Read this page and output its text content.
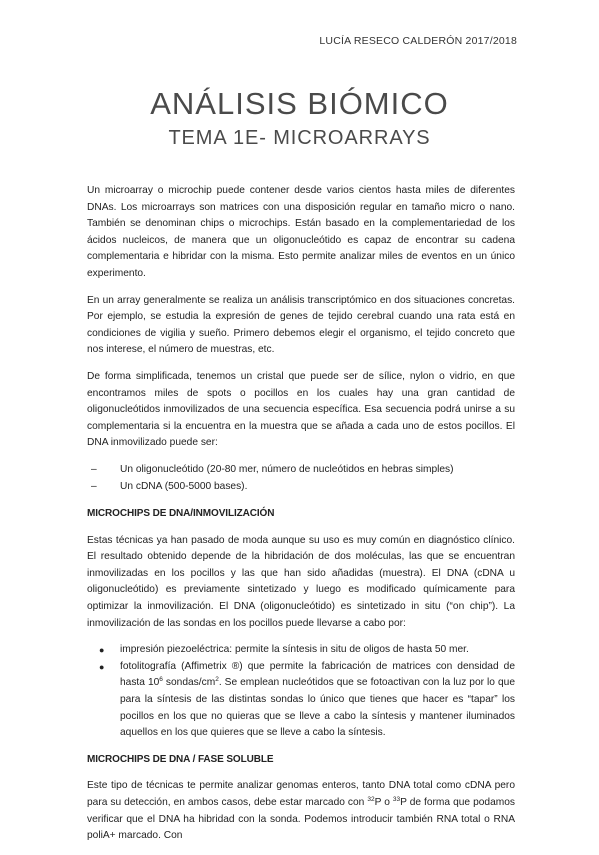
LUCÍA RESECO CALDERÓN 2017/2018
ANÁLISIS BIÓMICO
TEMA 1E- MICROARRAYS

Un microarray o microchip puede contener desde varios cientos hasta miles de diferentes DNAs. Los microarrays son matrices con una disposición regular en tamaño micro o nano. También se denominan chips o microchips. Están basado en la complementariedad de los ácidos nucleicos, de manera que un oligonucleótido es capaz de encontrar su cadena complementaria e hibridar con la misma. Esto permite analizar miles de eventos en un único experimento.

En un array generalmente se realiza un análisis transcriptómico en dos situaciones concretas. Por ejemplo, se estudia la expresión de genes de tejido cerebral cuando una rata está en condiciones de vigilia y sueño. Primero debemos elegir el organismo, el tejido concreto que nos interese, el número de muestras, etc.

De forma simplificada, tenemos un cristal que puede ser de sílice, nylon o vidrio, en que encontramos miles de spots o pocillos en los cuales hay una gran cantidad de oligonucleótidos inmovilizados de una secuencia específica. Esa secuencia podrá unirse a su complementaria si la encuentra en la muestra que se añada a cada uno de estos pocillos. El DNA inmovilizado puede ser:

– Un oligonucleótido (20-80 mer, número de nucleótidos en hebras simples)
– Un cDNA (500-5000 bases).
MICROCHIPS DE DNA/INMOVILIZACIÓN

Estas técnicas ya han pasado de moda aunque su uso es muy común en diagnóstico clínico. El resultado obtenido depende de la hibridación de dos moléculas, las que se encuentran inmovilizadas en los pocillos y las que han sido añadidas (muestra). El DNA (cDNA u oligonucleótido) es previamente sintetizado y luego es modificado químicamente para optimizar la inmovilización. El DNA (oligonucleótido) es sintetizado in situ (“on chip”). La inmovilización de las sondas en los pocillos puede llevarse a cabo por:

● impresión piezoeléctrica: permite la síntesis in situ de oligos de hasta 50 mer.
● fotolitografía (Affimetrix ®) que permite la fabricación de matrices con densidad de hasta $10^6$ sondas/$cm^2$. Se emplean nucleótidos que se fotoactivan con la luz por lo que para la síntesis de las distintas sondas lo único que tienes que hacer es “tapar” los pocillos en los que no quieras que se lleve a cabo la síntesis y mantener iluminados aquellos en los que quieres que se lleve a cabo la síntesis.
MICROCHIPS DE DNA / FASE SOLUBLE

Este tipo de técnicas te permite analizar genomas enteros, tanto DNA total como cDNA pero para su detección, en ambos casos, debe estar marcado con $^{32}$P o $^{33}$P de forma que podamos verificar que el DNA ha hibridad con la sonda. Podemos introducir también RNA total o RNA poliA+ marcado. Con
